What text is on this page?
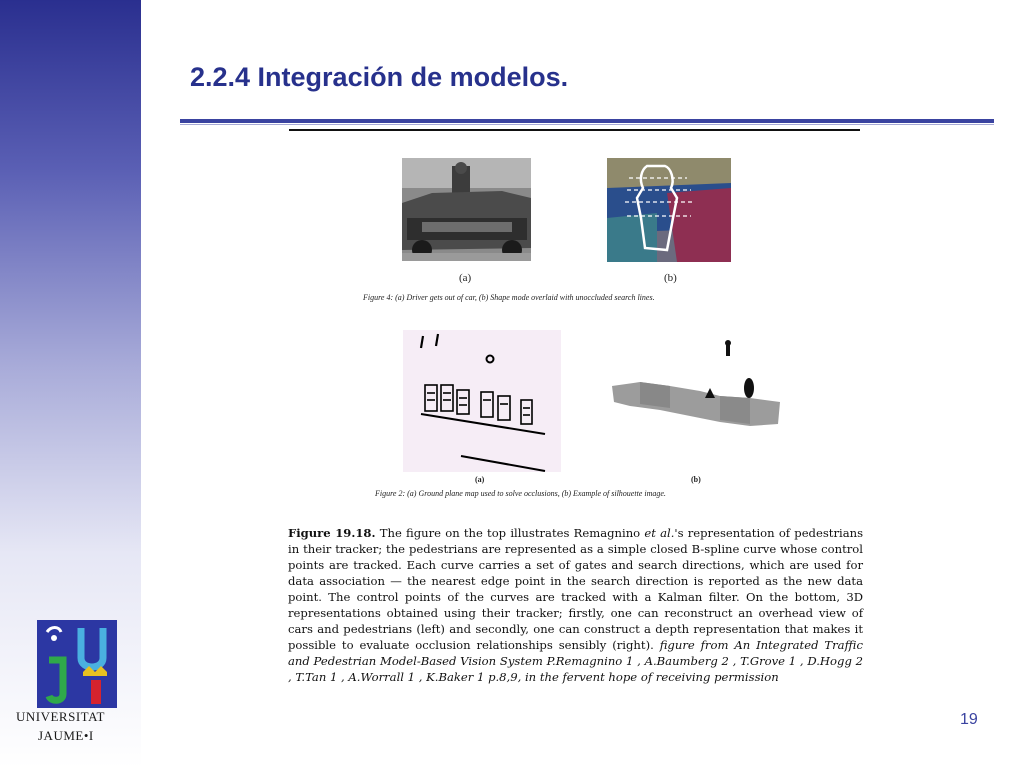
2.2.4 Integración de modelos.
(a)	(b)
Figure 4: (a) Driver gets out of car, (b) Shape mode overlaid with unoccluded search lines.
(a)	(b)
Figure 2: (a) Ground plane map used to solve occlusions, (b) Example of silhouette image.
Figure 19.18. The figure on the top illustrates Remagnino et al.'s representation of pedestrians in their tracker; the pedestrians are represented as a simple closed B-spline curve whose control points are tracked. Each curve carries a set of gates and search directions, which are used for data association — the nearest edge point in the search direction is reported as the new data point. The control points of the curves are tracked with a Kalman filter. On the bottom, 3D representations obtained using their tracker; firstly, one can reconstruct an overhead view of cars and pedestrians (left) and secondly, one can construct a depth representation that makes it possible to evaluate occlusion relationships sensibly (right). figure from An Integrated Traffic and Pedestrian Model-Based Vision System P.Remagnino 1 , A.Baumberg 2 , T.Grove 1 , D.Hogg 2 , T.Tan 1 , A.Worrall 1 , K.Baker 1 p.8,9, in the fervent hope of receiving permission
UNIVERSITAT
JAUME•I
19
